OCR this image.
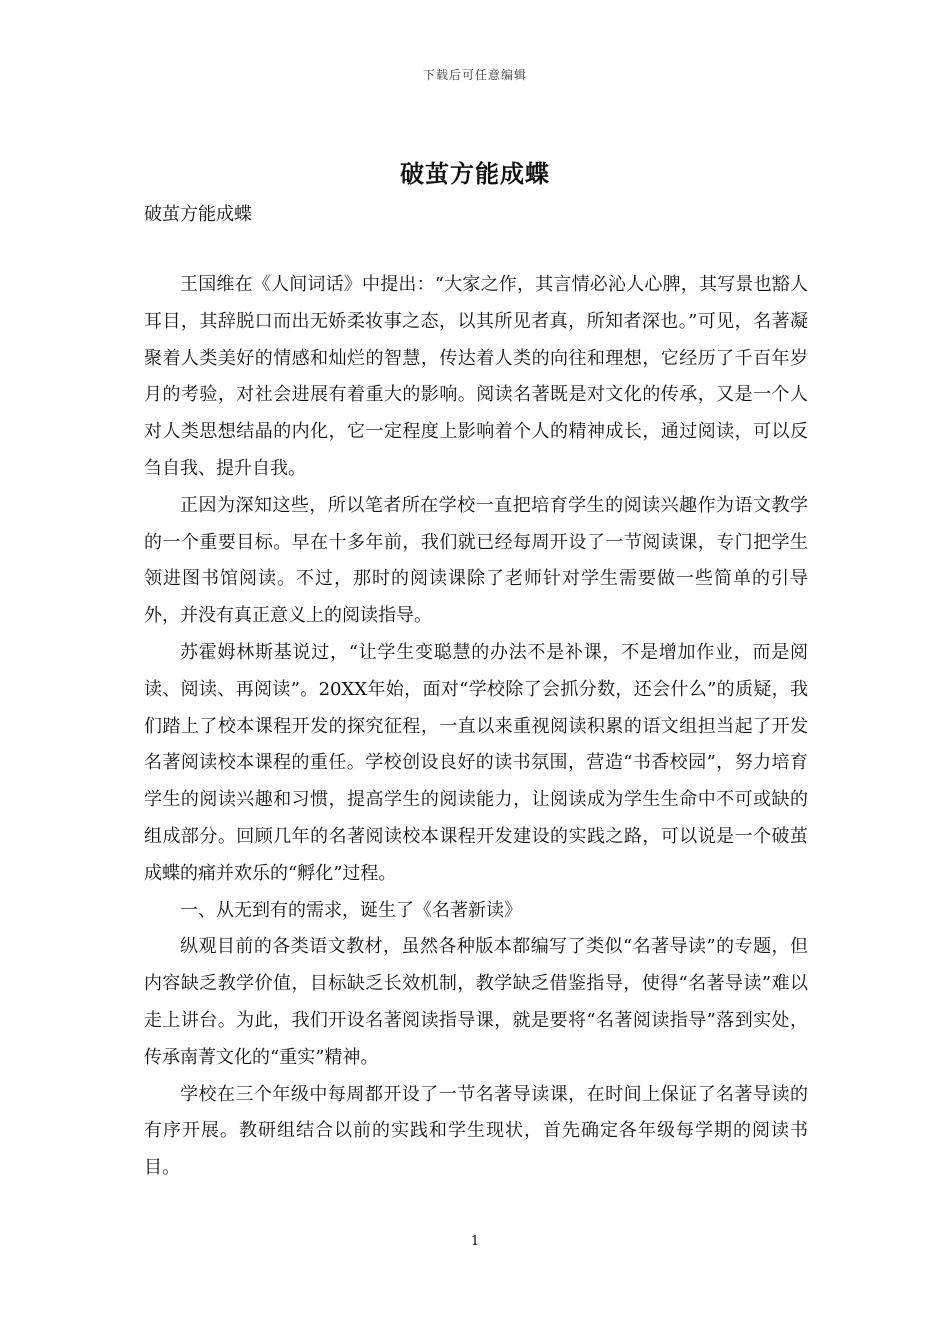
下载后可任意编辑
破茧方能成蝶
破茧方能成蝶

王国维在《人间词话》中提出：“大家之作，其言情必沁人心脾，其写景也豁人耳目，其辞脱口而出无娇柔妆事之态，以其所见者真，所知者深也。”可见，名著凝聚着人类美好的情感和灿烂的智慧，传达着人类的向往和理想，它经历了千百年岁月的考验，对社会进展有着重大的影响。阅读名著既是对文化的传承，又是一个人对人类思想结晶的内化，它一定程度上影响着个人的精神成长，通过阅读，可以反刍自我、提升自我。

正因为深知这些，所以笔者所在学校一直把培育学生的阅读兴趣作为语文教学的一个重要目标。早在十多年前，我们就已经每周开设了一节阅读课，专门把学生领进图书馆阅读。不过，那时的阅读课除了老师针对学生需要做一些简单的引导外，并没有真正意义上的阅读指导。

苏霍姆林斯基说过，“让学生变聪慧的办法不是补课，不是增加作业，而是阅读、阅读、再阅读”。20XX年始，面对“学校除了会抓分数，还会什么”的质疑，我们踏上了校本课程开发的探究征程，一直以来重视阅读积累的语文组担当起了开发名著阅读校本课程的重任。学校创设良好的读书氛围，营造“书香校园”，努力培育学生的阅读兴趣和习惯，提高学生的阅读能力，让阅读成为学生生命中不可或缺的组成部分。回顾几年的名著阅读校本课程开发建设的实践之路，可以说是一个破茧成蝶的痛并欢乐的“孵化”过程。

一、从无到有的需求，诞生了《名著新读》

纵观目前的各类语文教材，虽然各种版本都编写了类似“名著导读”的专题，但内容缺乏教学价值，目标缺乏长效机制，教学缺乏借鉴指导，使得“名著导读”难以走上讲台。为此，我们开设名著阅读指导课，就是要将“名著阅读指导”落到实处，传承南菁文化的“重实”精神。

学校在三个年级中每周都开设了一节名著导读课，在时间上保证了名著导读的有序开展。教研组结合以前的实践和学生现状，首先确定各年级每学期的阅读书目。

1
